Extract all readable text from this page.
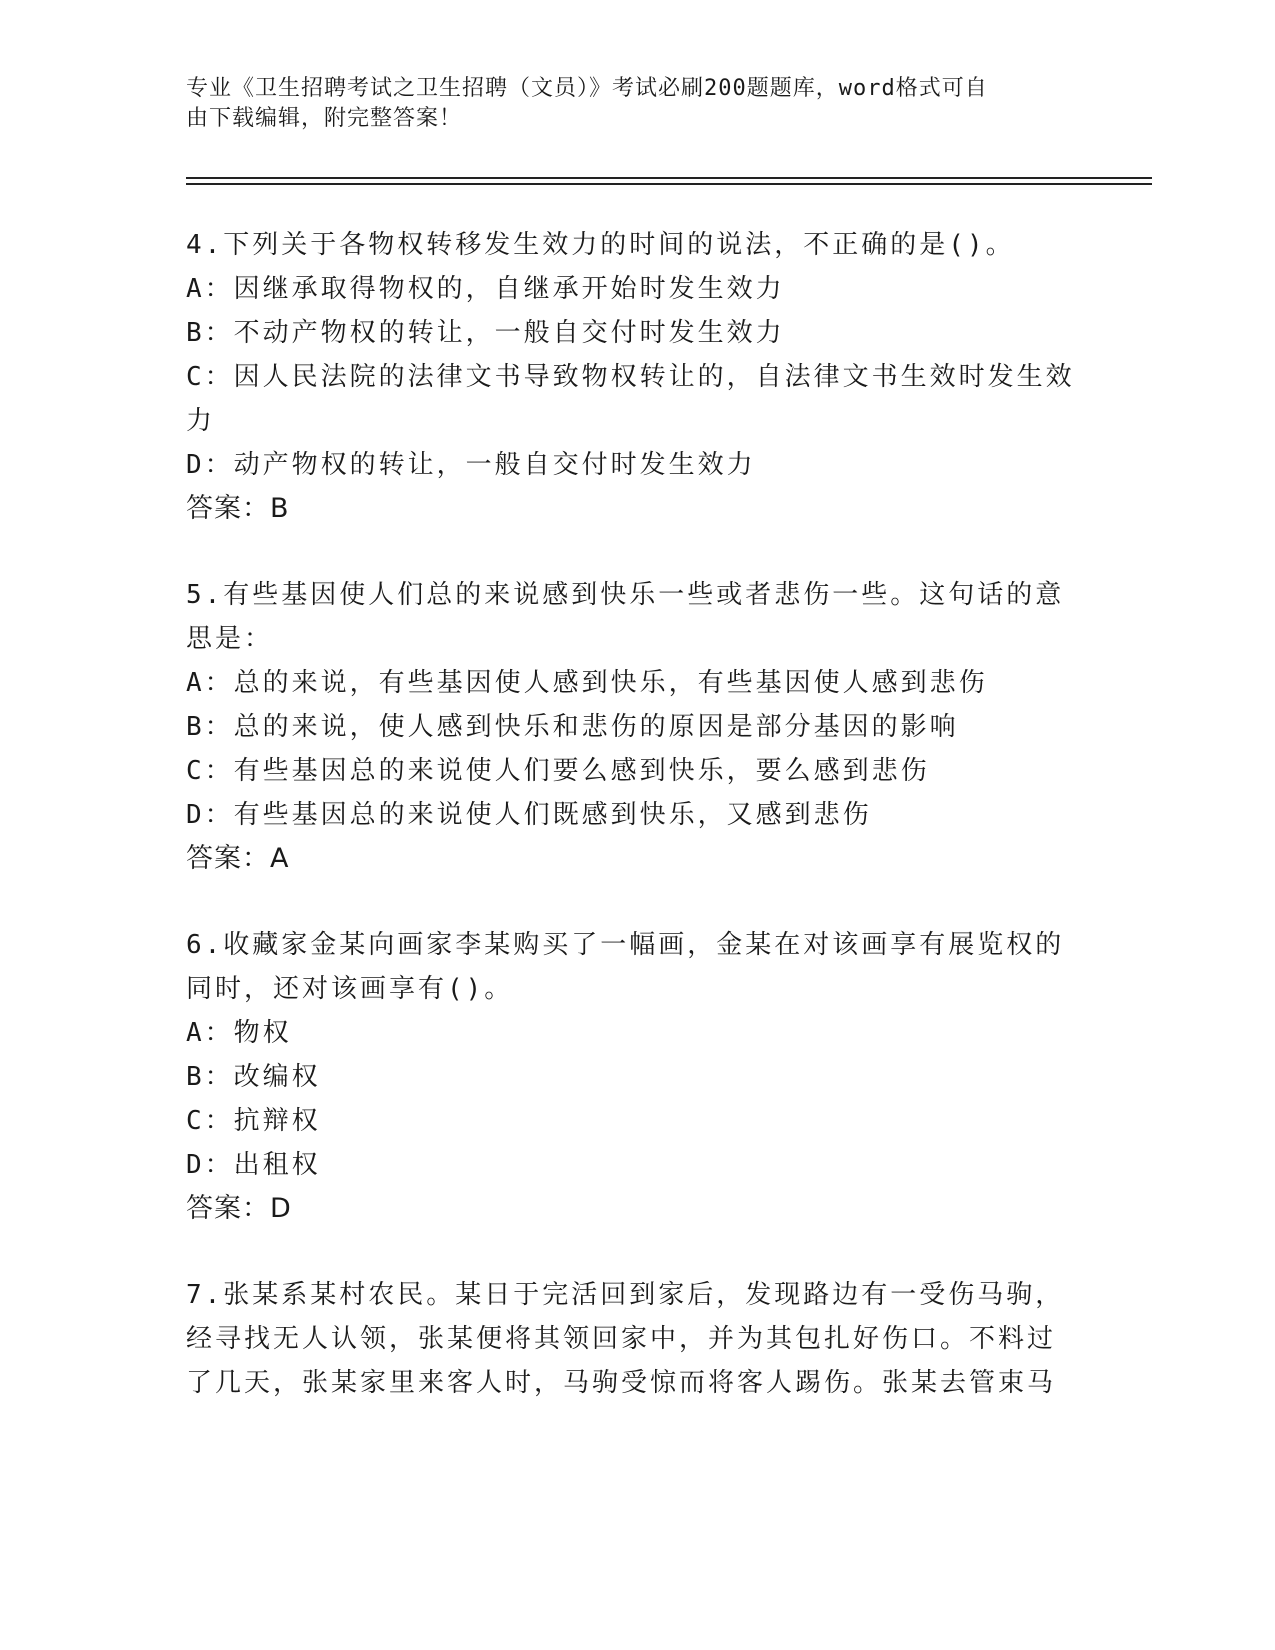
专业《卫生招聘考试之卫生招聘（文员）》考试必刷200题题库，word格式可自
由下载编辑，附完整答案！
4.下列关于各物权转移发生效力的时间的说法，不正确的是()。
A：因继承取得物权的，自继承开始时发生效力
B：不动产物权的转让，一般自交付时发生效力
C：因人民法院的法律文书导致物权转让的，自法律文书生效时发生效
力
D：动产物权的转让，一般自交付时发生效力
答案：B
5.有些基因使人们总的来说感到快乐一些或者悲伤一些。这句话的意
思是：
A：总的来说，有些基因使人感到快乐，有些基因使人感到悲伤
B：总的来说，使人感到快乐和悲伤的原因是部分基因的影响
C：有些基因总的来说使人们要么感到快乐，要么感到悲伤
D：有些基因总的来说使人们既感到快乐，又感到悲伤
答案：A
6.收藏家金某向画家李某购买了一幅画，金某在对该画享有展览权的
同时，还对该画享有()。
A：物权
B：改编权
C：抗辩权
D：出租权
答案：D
7.张某系某村农民。某日于完活回到家后，发现路边有一受伤马驹，
经寻找无人认领，张某便将其领回家中，并为其包扎好伤口。不料过
了几天，张某家里来客人时，马驹受惊而将客人踢伤。张某去管束马
